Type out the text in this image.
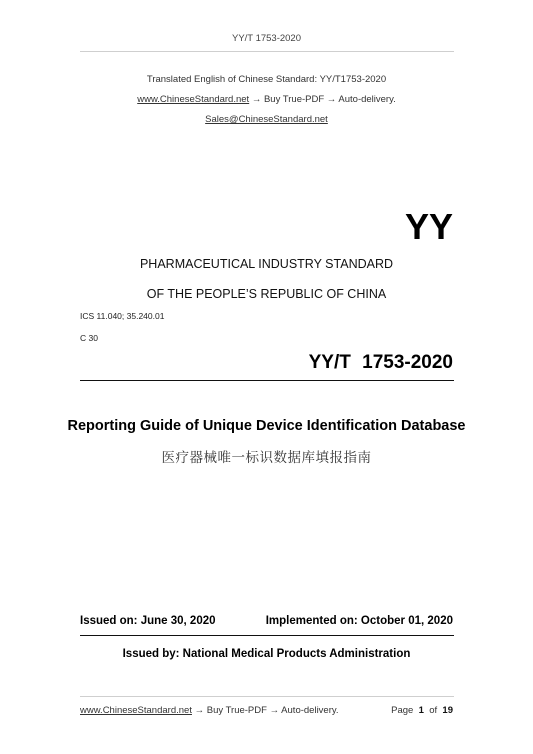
YY/T 1753-2020
Translated English of Chinese Standard: YY/T1753-2020
www.ChineseStandard.net → Buy True-PDF → Auto-delivery.
Sales@ChineseStandard.net
YY
PHARMACEUTICAL INDUSTRY STANDARD
OF THE PEOPLE’S REPUBLIC OF CHINA
ICS 11.040; 35.240.01
C 30
YY/T 1753-2020
Reporting Guide of Unique Device Identification Database
医疗器械唯一标识数据库填报指南
Issued on: June 30, 2020	Implemented on: October 01, 2020
Issued by: National Medical Products Administration
www.ChineseStandard.net → Buy True-PDF → Auto-delivery.	Page 1 of 19
